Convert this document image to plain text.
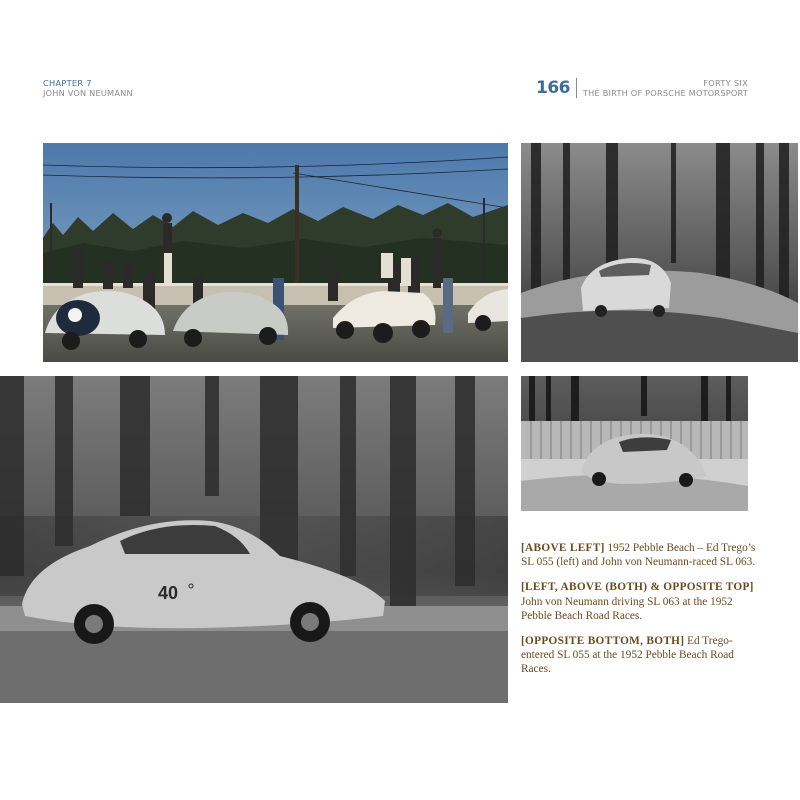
CHAPTER 7
JOHN VON NEUMANN	166	FORTY SIX
THE BIRTH OF PORSCHE MOTORSPORT
40

[ABOVE LEFT] 1952 Pebble Beach – Ed Trego’s SL 055 (left) and John von Neumann-raced SL 063.

[LEFT, ABOVE (BOTH) & OPPOSITE TOP] John von Neumann driving SL 063 at the 1952 Pebble Beach Road Races.

[OPPOSITE BOTTOM, BOTH] Ed Trego-entered SL 055 at the 1952 Pebble Beach Road Races.
